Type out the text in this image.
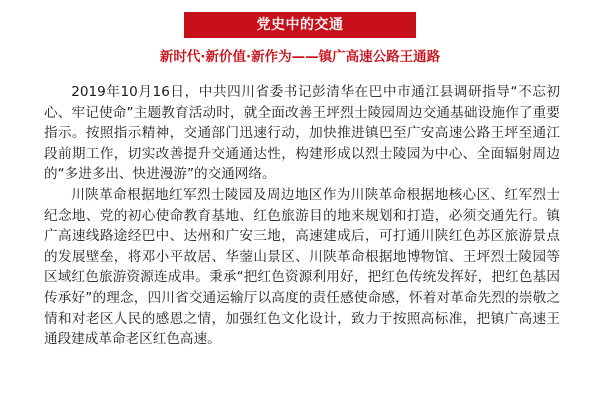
党史中的交通
新时代·新价值·新作为——镇广高速公路王通路

2019年10月16日，中共四川省委书记彭清华在巴中市通江县调研指导“不忘初心、牢记使命”主题教育活动时，就全面改善王坪烈士陵园周边交通基础设施作了重要指示。按照指示精神，交通部门迅速行动，加快推进镇巴至广安高速公路王坪至通江段前期工作，切实改善提升交通通达性，构建形成以烈士陵园为中心、全面辐射周边的“多进多出、快进漫游”的交通网络。

川陕革命根据地红军烈士陵园及周边地区作为川陕革命根据地核心区、红军烈士纪念地、党的初心使命教育基地、红色旅游目的地来规划和打造，必须交通先行。镇广高速线路途经巴中、达州和广安三地，高速建成后，可打通川陕红色苏区旅游景点的发展壁垒，将邓小平故居、华蓥山景区、川陕革命根据地博物馆、王坪烈士陵园等区域红色旅游资源连成串。秉承“把红色资源利用好，把红色传统发挥好，把红色基因传承好”的理念，四川省交通运输厅以高度的责任感使命感，怀着对革命先烈的崇敬之情和对老区人民的感恩之情，加强红色文化设计，致力于按照高标准，把镇广高速王通段建成革命老区红色高速。
